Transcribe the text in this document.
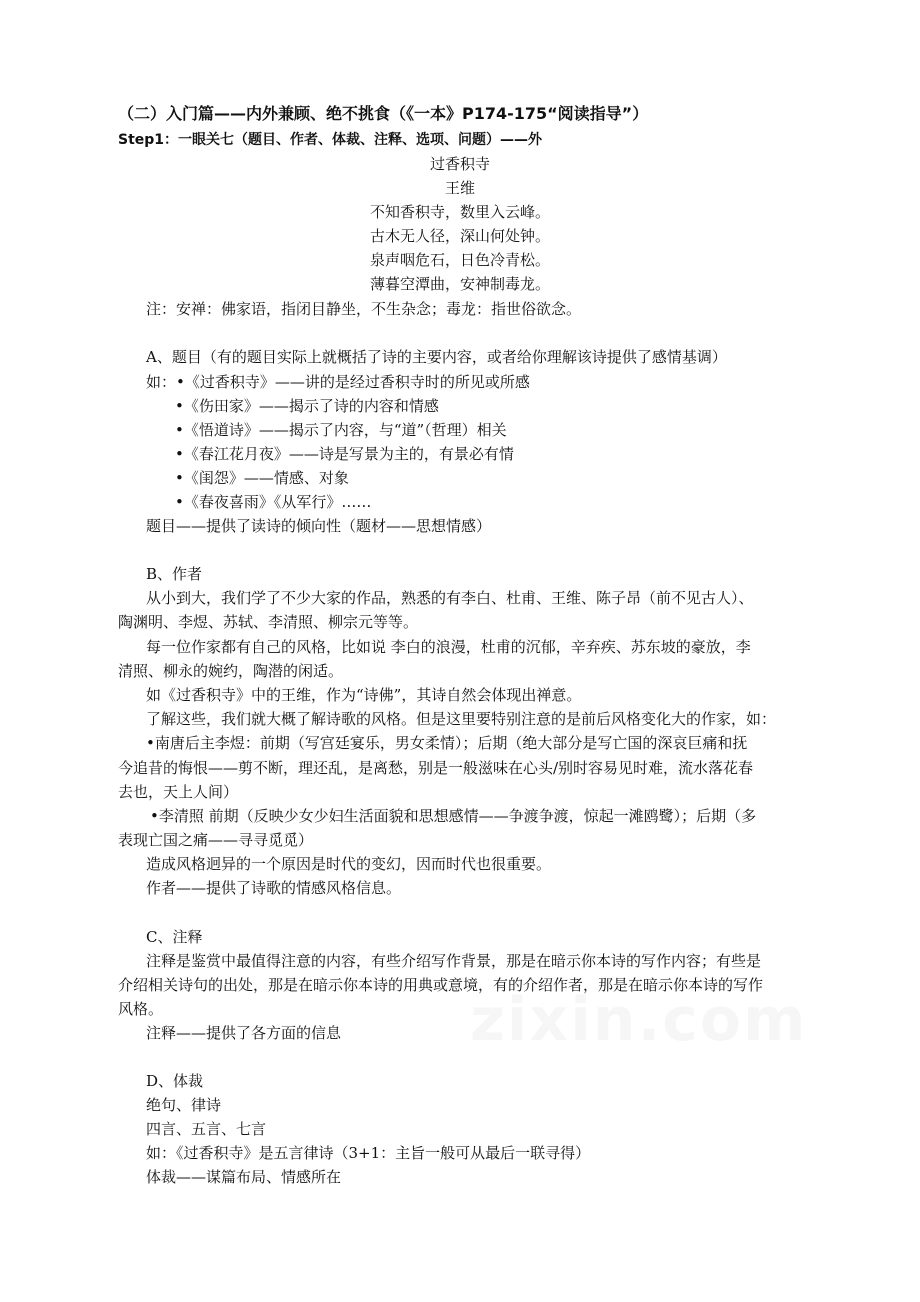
（二）入门篇——内外兼顾、绝不挑食（《一本》P174-175“阅读指导”）
Step1：一眼关七（题目、作者、体裁、注释、选项、问题）——外
过香积寺
王维
不知香积寺，数里入云峰。
古木无人径，深山何处钟。
泉声咽危石，日色冷青松。
薄暮空潭曲，安神制毒龙。
注：安禅：佛家语，指闭目静坐，不生杂念；毒龙：指世俗欲念。
A、题目（有的题目实际上就概括了诗的主要内容，或者给你理解该诗提供了感情基调）
如：•《过香积寺》——讲的是经过香积寺时的所见或所感
•《伤田家》——揭示了诗的内容和情感
•《悟道诗》——揭示了内容，与“道”（哲理）相关
•《春江花月夜》——诗是写景为主的，有景必有情
•《闺怨》——情感、对象
•《春夜喜雨》《从军行》……
题目——提供了读诗的倾向性（题材——思想情感）
B、作者
从小到大，我们学了不少大家的作品，熟悉的有李白、杜甫、王维、陈子昂（前不见古人）、
陶渊明、李煜、苏轼、李清照、柳宗元等等。
每一位作家都有自己的风格，比如说 李白的浪漫，杜甫的沉郁，辛弃疾、苏东坡的豪放，李
清照、柳永的婉约，陶潜的闲适。
如《过香积寺》中的王维，作为“诗佛”，其诗自然会体现出禅意。
了解这些，我们就大概了解诗歌的风格。但是这里要特别注意的是前后风格变化大的作家，如：
•南唐后主李煜：前期（写宫廷宴乐，男女柔情）；后期（绝大部分是写亡国的深哀巨痛和抚
今追昔的悔恨——剪不断，理还乱，是离愁，别是一般滋味在心头/别时容易见时难，流水落花春
去也，天上人间）
•李清照 前期（反映少女少妇生活面貌和思想感情——争渡争渡，惊起一滩鸥鹭）；后期（多
表现亡国之痛——寻寻觅觅）
造成风格迥异的一个原因是时代的变幻，因而时代也很重要。
作者——提供了诗歌的情感风格信息。
C、注释
注释是鉴赏中最值得注意的内容，有些介绍写作背景，那是在暗示你本诗的写作内容；有些是
介绍相关诗句的出处，那是在暗示你本诗的用典或意境，有的介绍作者，那是在暗示你本诗的写作
风格。
注释——提供了各方面的信息
D、体裁
绝句、律诗
四言、五言、七言
如：《过香积寺》是五言律诗（3+1：主旨一般可从最后一联寻得）
体裁——谋篇布局、情感所在
